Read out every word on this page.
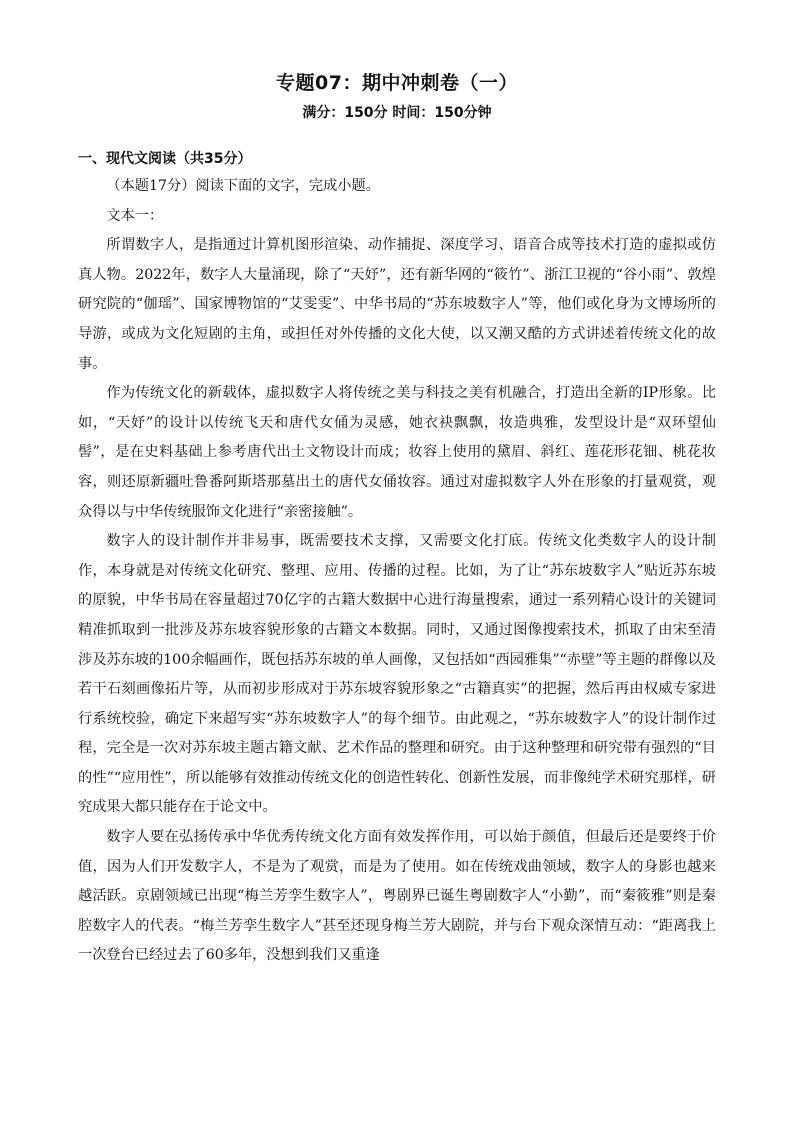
专题07：期中冲刺卷（一）
满分：150分 时间：150分钟
一、现代文阅读（共35分）

（本题17分）阅读下面的文字，完成小题。

文本一：

所谓数字人，是指通过计算机图形渲染、动作捕捉、深度学习、语音合成等技术打造的虚拟或仿真人物。2022年，数字人大量涌现，除了“天妤”，还有新华网的“筱竹”、浙江卫视的“谷小雨”、敦煌研究院的“伽瑶”、国家博物馆的“艾雯雯”、中华书局的“苏东坡数字人”等，他们或化身为文博场所的导游，或成为文化短剧的主角，或担任对外传播的文化大使，以又潮又酷的方式讲述着传统文化的故事。

作为传统文化的新载体，虚拟数字人将传统之美与科技之美有机融合，打造出全新的IP形象。比如，“天妤”的设计以传统飞天和唐代女俑为灵感，她衣袂飘飘，妆造典雅，发型设计是“双环望仙髻”，是在史料基础上参考唐代出土文物设计而成；妆容上使用的黛眉、斜红、莲花形花钿、桃花妆容，则还原新疆吐鲁番阿斯塔那墓出土的唐代女俑妆容。通过对虚拟数字人外在形象的打量观赏，观众得以与中华传统服饰文化进行“亲密接触”。

数字人的设计制作并非易事，既需要技术支撑，又需要文化打底。传统文化类数字人的设计制作，本身就是对传统文化研究、整理、应用、传播的过程。比如，为了让“苏东坡数字人”贴近苏东坡的原貌，中华书局在容量超过70亿字的古籍大数据中心进行海量搜索，通过一系列精心设计的关键词精准抓取到一批涉及苏东坡容貌形象的古籍文本数据。同时，又通过图像搜索技术，抓取了由宋至清涉及苏东坡的100余幅画作，既包括苏东坡的单人画像，又包括如“西园雅集”“赤壁”等主题的群像以及若干石刻画像拓片等，从而初步形成对于苏东坡容貌形象之“古籍真实”的把握，然后再由权威专家进行系统校验，确定下来超写实“苏东坡数字人”的每个细节。由此观之，“苏东坡数字人”的设计制作过程，完全是一次对苏东坡主题古籍文献、艺术作品的整理和研究。由于这种整理和研究带有强烈的“目的性”“应用性”，所以能够有效推动传统文化的创造性转化、创新性发展，而非像纯学术研究那样，研究成果大都只能存在于论文中。

数字人要在弘扬传承中华优秀传统文化方面有效发挥作用，可以始于颜值，但最后还是要终于价值，因为人们开发数字人，不是为了观赏，而是为了使用。如在传统戏曲领域，数字人的身影也越来越活跃。京剧领域已出现“梅兰芳孪生数字人”，粤剧界已诞生粤剧数字人“小勤”，而“秦筱雅”则是秦腔数字人的代表。“梅兰芳孪生数字人”甚至还现身梅兰芳大剧院，并与台下观众深情互动：“距离我上一次登台已经过去了60多年，没想到我们又重逢
